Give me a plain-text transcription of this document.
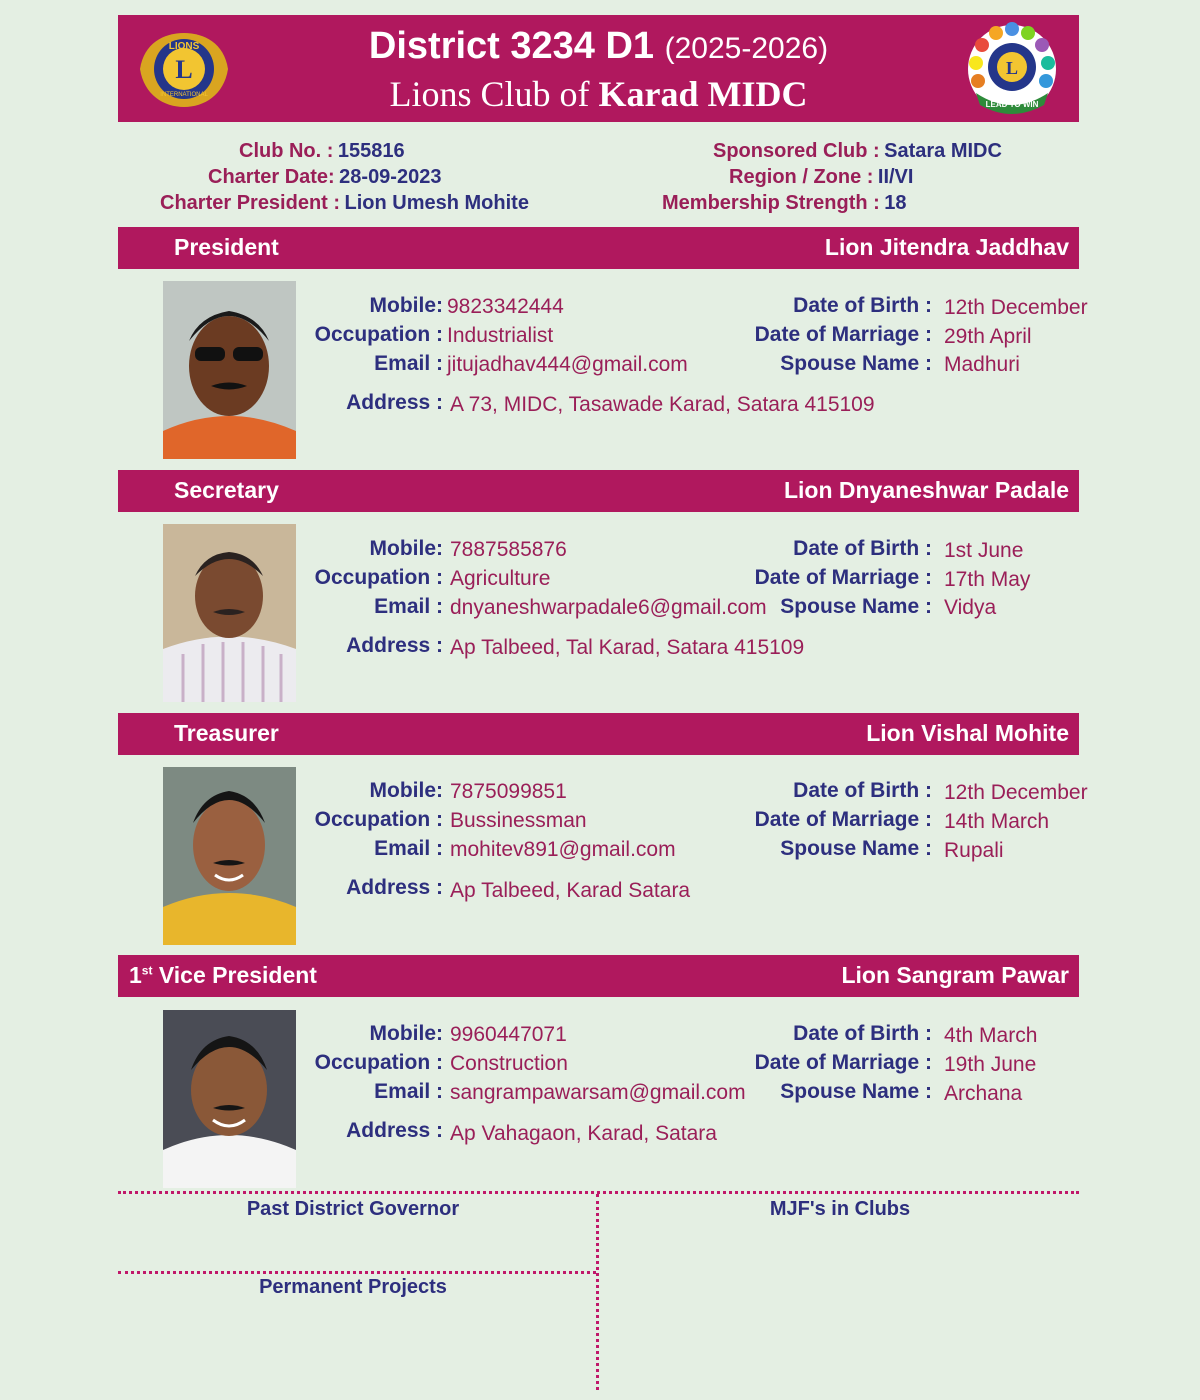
District 3234 D1 (2025-2026)
Lions Club of Karad MIDC
L
LIONS
INTERNATIONAL
L
LEAD TO WIN
Club No. : 155816
Charter Date: 28-09-2023
Charter President : Lion Umesh Mohite
Sponsored Club : Satara MIDC
Region / Zone : II/VI
Membership Strength : 18
President	Lion Jitendra Jaddhav
Mobile: 9823342444
Occupation : Industrialist
Email : jitujadhav444@gmail.com
Address : A 73, MIDC, Tasawade Karad, Satara 415109
Date of Birth : 12th December
Date of Marriage : 29th April
Spouse Name : Madhuri
Secretary	Lion Dnyaneshwar Padale
Mobile: 7887585876
Occupation : Agriculture
Email : dnyaneshwarpadale6@gmail.com
Address : Ap Talbeed, Tal Karad, Satara 415109
Date of Birth : 1st June
Date of Marriage : 17th May
Spouse Name : Vidya
Treasurer	Lion Vishal Mohite
Mobile: 7875099851
Occupation : Bussinessman
Email : mohitev891@gmail.com
Address : Ap Talbeed, Karad Satara
Date of Birth : 12th December
Date of Marriage : 14th March
Spouse Name : Rupali
1st Vice President	Lion Sangram Pawar
Mobile: 9960447071
Occupation : Construction
Email : sangrampawarsam@gmail.com
Address : Ap Vahagaon, Karad, Satara
Date of Birth : 4th March
Date of Marriage : 19th June
Spouse Name : Archana
Past District Governor	MJF's in Clubs
Permanent Projects
